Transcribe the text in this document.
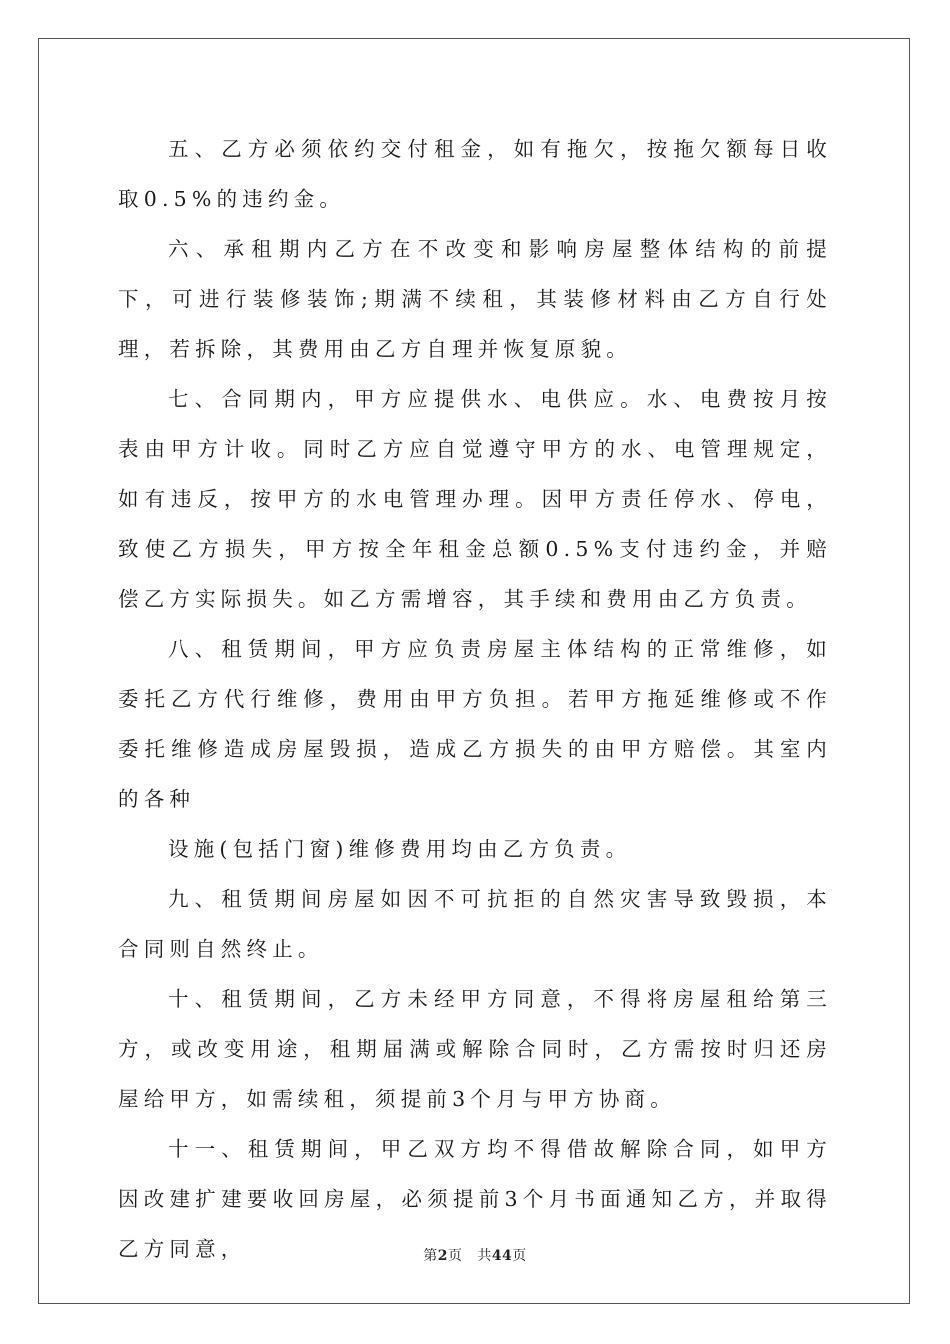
五、乙方必须依约交付租金，如有拖欠，按拖欠额每日收取0.5%的违约金。

六、承租期内乙方在不改变和影响房屋整体结构的前提下，可进行装修装饰;期满不续租，其装修材料由乙方自行处理，若拆除，其费用由乙方自理并恢复原貌。

七、合同期内，甲方应提供水、电供应。水、电费按月按表由甲方计收。同时乙方应自觉遵守甲方的水、电管理规定，如有违反，按甲方的水电管理办理。因甲方责任停水、停电，致使乙方损失，甲方按全年租金总额0.5%支付违约金，并赔偿乙方实际损失。如乙方需增容，其手续和费用由乙方负责。

八、租赁期间，甲方应负责房屋主体结构的正常维修，如委托乙方代行维修，费用由甲方负担。若甲方拖延维修或不作委托维修造成房屋毁损，造成乙方损失的由甲方赔偿。其室内的各种

设施(包括门窗)维修费用均由乙方负责。

九、租赁期间房屋如因不可抗拒的自然灾害导致毁损，本合同则自然终止。

十、租赁期间，乙方未经甲方同意，不得将房屋租给第三方，或改变用途，租期届满或解除合同时，乙方需按时归还房屋给甲方，如需续租，须提前3个月与甲方协商。

十一、租赁期间，甲乙双方均不得借故解除合同，如甲方因改建扩建要收回房屋，必须提前3个月书面通知乙方，并取得乙方同意，	第2页 共44页
